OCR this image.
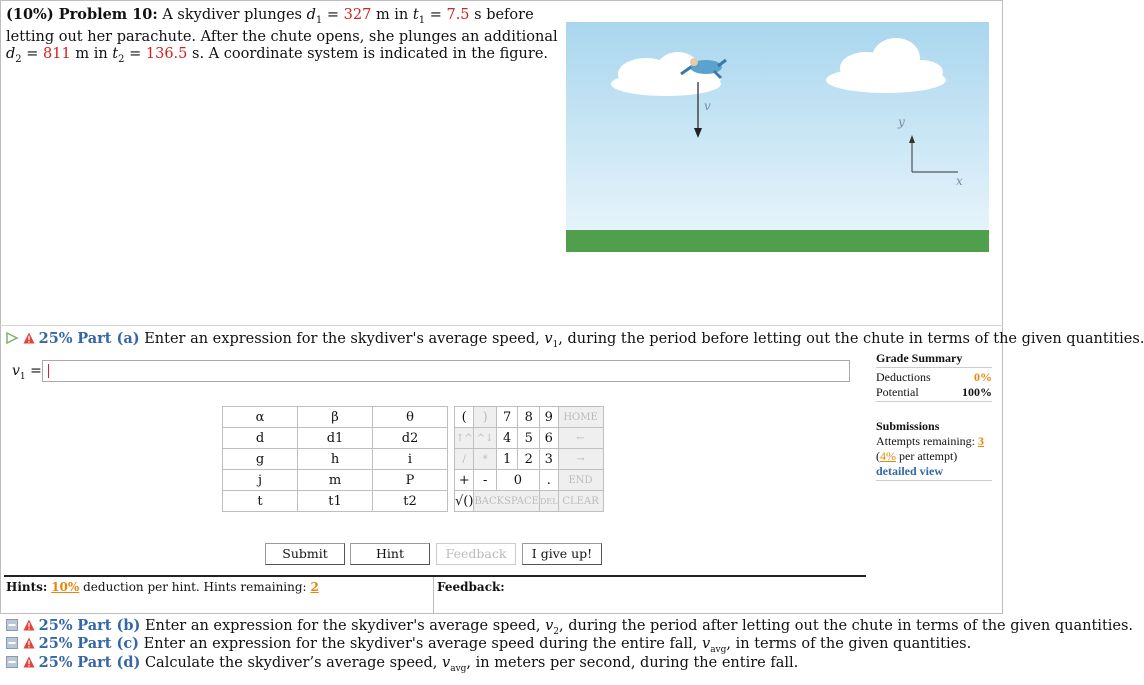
(10%) Problem 10: A skydiver plunges $d_1 = 327$ m in $t_1 = 7.5$ s before letting out her parachute. After the chute opens, she plunges an additional $d_2 = 811$ m in $t_2 = 136.5$ s. A coordinate system is indicated in the figure.
v
y
x
25% Part (a) Enter an expression for the skydiver's average speed, $v_1$, during the period before letting out the chute in terms of the given quantities.
$v_1$ =
Grade Summary
Deductions	0%
Potential	100%
Submissions
Attempts remaining: 3
(4% per attempt)
detailed view
α	β	θ		(	)	7	8	9	HOME
d	d1	d2		↑^	^↓	4	5	6	←
g	h	i		/	*	1	2	3	→
j	m	P		+	-	0		.	END
t	t1	t2		√()	BACKSPACE			DEL	CLEAR
Submit	Hint	Feedback	I give up!
Hints: 10% deduction per hint. Hints remaining: 2	Feedback:
25% Part (b) Enter an expression for the skydiver's average speed, $v_2$, during the period after letting out the chute in terms of the given quantities.
25% Part (c) Enter an expression for the skydiver's average speed during the entire fall, $v_{avg}$, in terms of the given quantities.
25% Part (d) Calculate the skydiver’s average speed, $v_{avg}$, in meters per second, during the entire fall.
